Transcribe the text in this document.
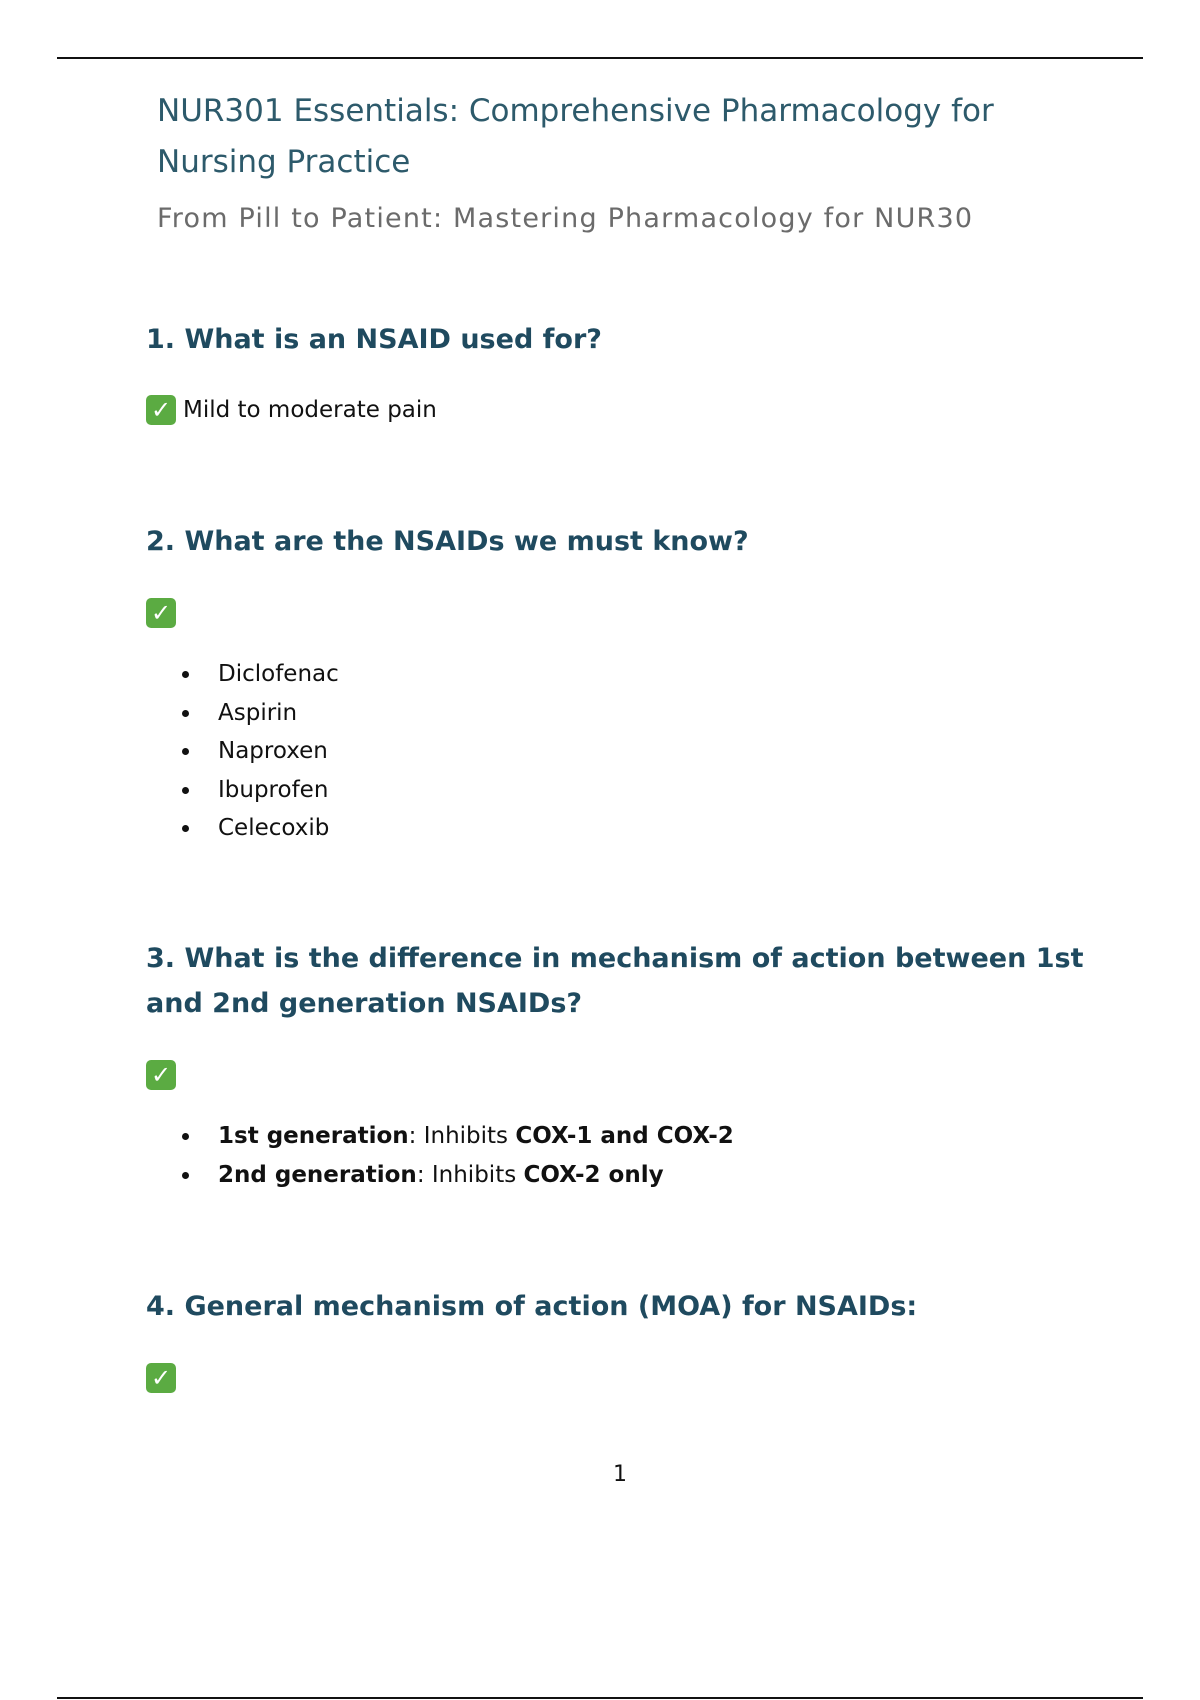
NUR301 Essentials: Comprehensive Pharmacology for Nursing Practice

From Pill to Patient: Mastering Pharmacology for NUR30

1. What is an NSAID used for?
✓ Mild to moderate pain
2. What are the NSAIDs we must know?
✓
Diclofenac
Aspirin
Naproxen
Ibuprofen
Celecoxib
3. What is the difference in mechanism of action between 1st and 2nd generation NSAIDs?
✓
1st generation: Inhibits COX-1 and COX-2
2nd generation: Inhibits COX-2 only
4. General mechanism of action (MOA) for NSAIDs:
✓
1
